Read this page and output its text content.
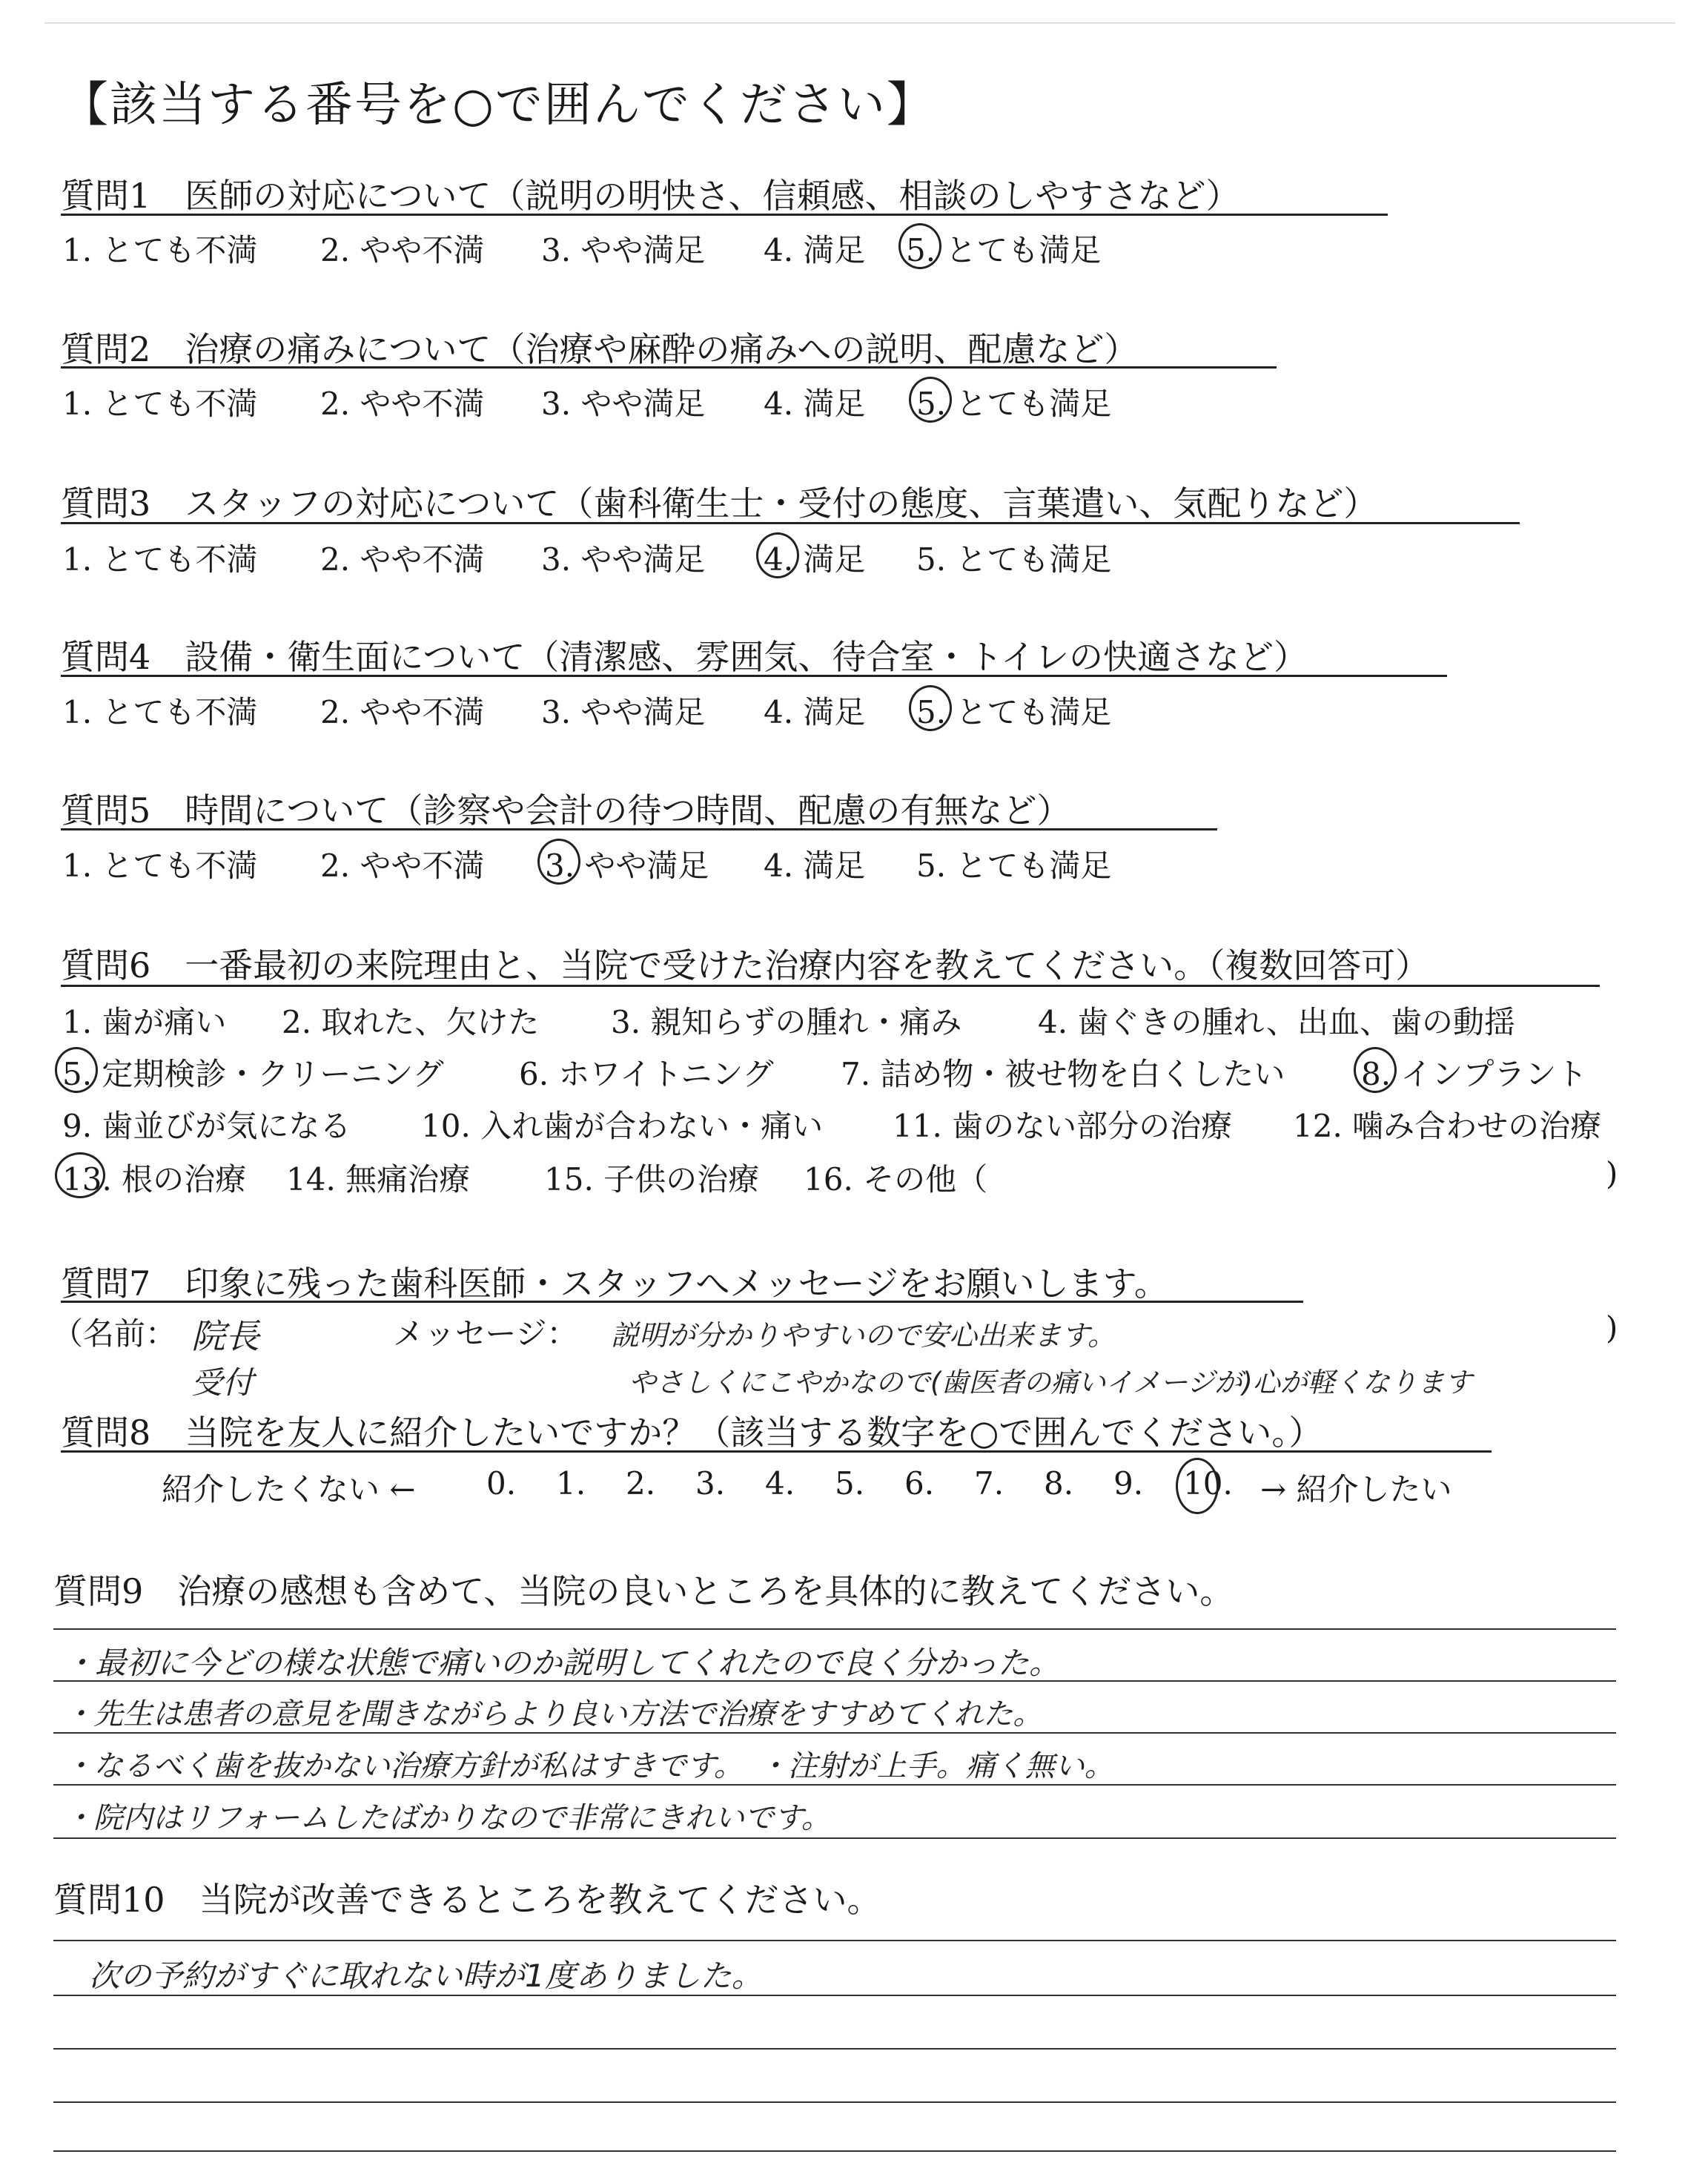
【該当する番号を○で囲んでください】
質問1　医師の対応について（説明の明快さ、信頼感、相談のしやすさなど）
1. とても不満 2. やや不満 3. やや満足 4. 満足 5. とても満足
質問2　治療の痛みについて（治療や麻酔の痛みへの説明、配慮など）
1. とても不満 2. やや不満 3. やや満足 4. 満足 5. とても満足
質問3　スタッフの対応について（歯科衛生士・受付の態度、言葉遣い、気配りなど）
1. とても不満 2. やや不満 3. やや満足 4. 満足 5. とても満足
質問4　設備・衛生面について（清潔感、雰囲気、待合室・トイレの快適さなど）
1. とても不満 2. やや不満 3. やや満足 4. 満足 5. とても満足
質問5　時間について（診察や会計の待つ時間、配慮の有無など）
1. とても不満 2. やや不満 3. やや満足 4. 満足 5. とても満足
質問6　一番最初の来院理由と、当院で受けた治療内容を教えてください。（複数回答可）
1. 歯が痛い 2. 取れた、欠けた 3. 親知らずの腫れ・痛み 4. 歯ぐきの腫れ、出血、歯の動揺
5. 定期検診・クリーニング 6. ホワイトニング 7. 詰め物・被せ物を白くしたい 8. インプラント
9. 歯並びが気になる 10. 入れ歯が合わない・痛い 11. 歯のない部分の治療 12. 噛み合わせの治療
13. 根の治療 14. 無痛治療 15. 子供の治療 16. その他（	)
質問7　印象に残った歯科医師・スタッフへメッセージをお願いします。
（名前： 院長
受付
メッセージ： 説明が分かりやすいので安心出来ます。
やさしくにこやかなので(歯医者の痛いイメージが)心が軽くなります
)
質問8　当院を友人に紹介したいですか？（該当する数字を○で囲んでください。）
紹介したくない ← 0. 1. 2. 3. 4. 5. 6. 7. 8. 9. 10. → 紹介したい
質問9　治療の感想も含めて、当院の良いところを具体的に教えてください。
・最初に今どの様な状態で痛いのか説明してくれたので良く分かった。
・先生は患者の意見を聞きながらより良い方法で治療をすすめてくれた。
・なるべく歯を抜かない治療方針が私はすきです。　・注射が上手。痛く無い。
・院内はリフォームしたばかりなので非常にきれいです。
質問10　当院が改善できるところを教えてください。
次の予約がすぐに取れない時が1度ありました。
